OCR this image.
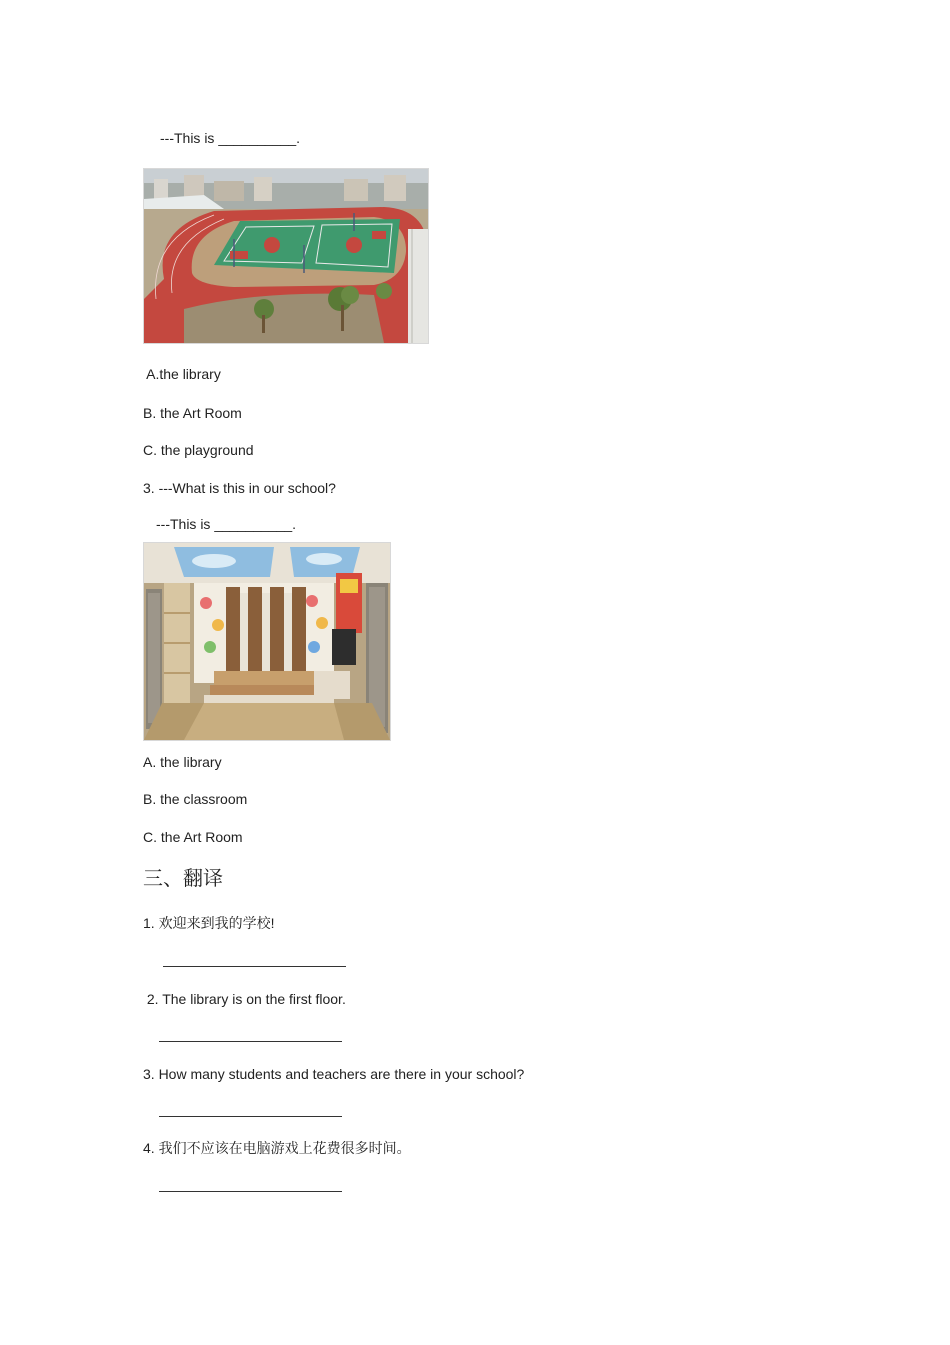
---This is __________.
A.the library
B. the Art Room
C. the playground
3. ---What is this in our school?
---This is __________.
A. the library
B. the classroom
C. the Art Room
三、翻译
1. 欢迎来到我的学校!
2. The library is on the first floor.
3. How many students and teachers are there in your school?
4. 我们不应该在电脑游戏上花费很多时间。
